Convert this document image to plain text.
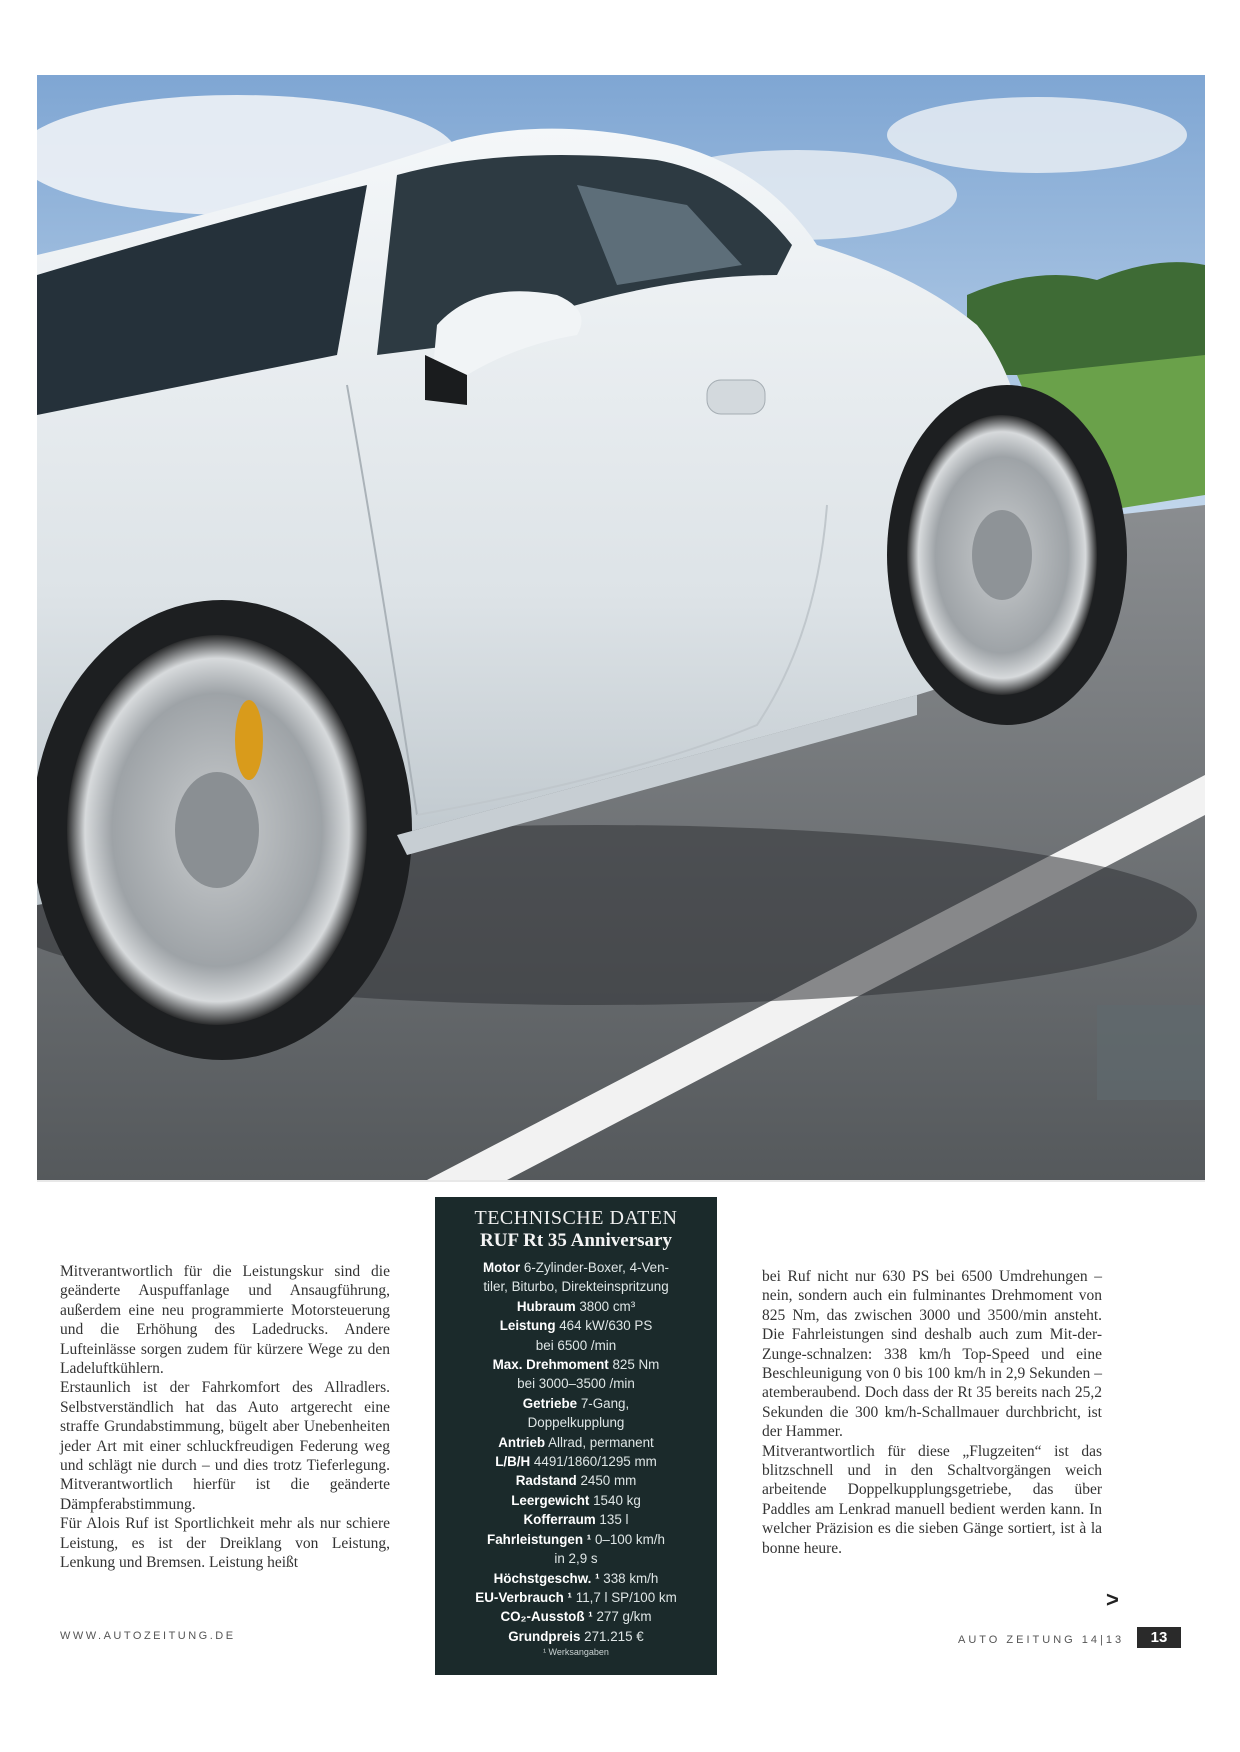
Mitverantwortlich für die Leistungskur sind die geänderte Auspuffanlage und Ansaugführung, außerdem eine neu programmierte Motorsteuerung und die Erhöhung des Ladedrucks. Andere Lufteinlässe sorgen zudem für kürzere Wege zu den Ladeluftkühlern.

Erstaunlich ist der Fahrkomfort des Allradlers. Selbstverständlich hat das Auto artgerecht eine straffe Grundabstimmung, bügelt aber Unebenheiten jeder Art mit einer schluckfreudigen Federung weg und schlägt nie durch – und dies trotz Tieferlegung. Mitverantwortlich hierfür ist die geänderte Dämpferabstimmung.

Für Alois Ruf ist Sportlichkeit mehr als nur schiere Leistung, es ist der Dreiklang von Leistung, Lenkung und Bremsen. Leistung heißt

TECHNISCHE DATEN
RUF Rt 35 Anniversary
Motor 6-Zylinder-Boxer, 4-Ven-
tiler, Biturbo, Direkteinspritzung
Hubraum 3800 cm³
Leistung 464 kW/630 PS
bei 6500 /min
Max. Drehmoment 825 Nm
bei 3000–3500 /min
Getriebe 7-Gang,
Doppelkupplung
Antrieb Allrad, permanent
L/B/H 4491/1860/1295 mm
Radstand 2450 mm
Leergewicht 1540 kg
Kofferraum 135 l
Fahrleistungen ¹ 0–100 km/h
in 2,9 s
Höchstgeschw. ¹ 338 km/h
EU-Verbrauch ¹ 11,7 l SP/100 km
CO₂-Ausstoß ¹ 277 g/km
Grundpreis 271.215 €
¹ Werksangaben

bei Ruf nicht nur 630 PS bei 6500 Umdrehungen – nein, sondern auch ein fulminantes Drehmoment von 825 Nm, das zwischen 3000 und 3500/min ansteht. Die Fahrleistungen sind deshalb auch zum Mit-der-Zunge-schnalzen: 338 km/h Top-Speed und eine Beschleunigung von 0 bis 100 km/h in 2,9 Sekunden – atemberaubend. Doch dass der Rt 35 bereits nach 25,2 Sekunden die 300 km/h-Schallmauer durchbricht, ist der Hammer.

Mitverantwortlich für diese „Flugzeiten“ ist das blitzschnell und in den Schaltvorgängen weich arbeitende Doppelkupplungsgetriebe, das über Paddles am Lenkrad manuell bedient werden kann. In welcher Präzision es die sieben Gänge sortiert, ist à la bonne heure.

>
WWW.AUTOZEITUNG.DE	AUTO ZEITUNG 14|13	13
